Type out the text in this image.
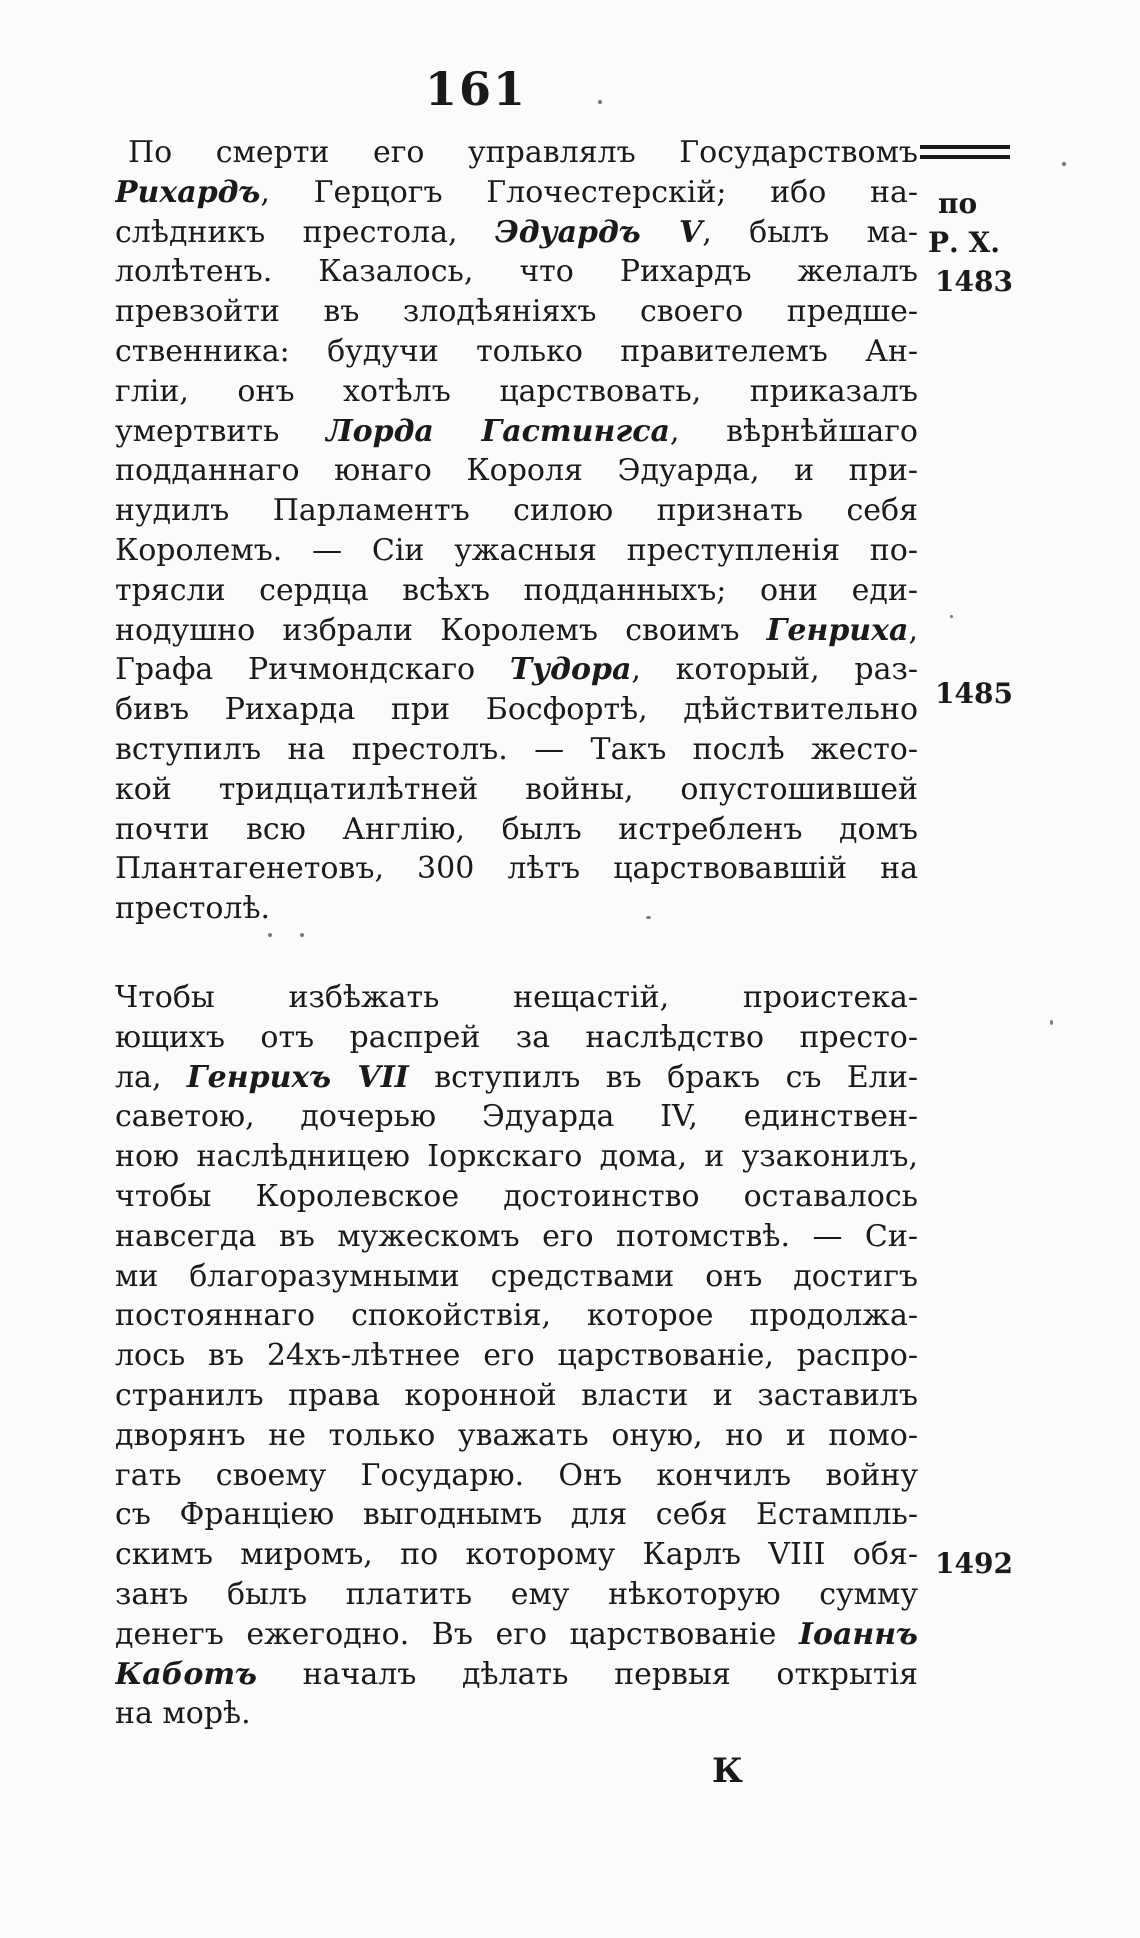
161
по
Р. Х.
1483
1485
1492
По смерти его управлялъ Государствомъ
Рихардъ, Герцогъ Глочестерскій; ибо на-
слѣдникъ престола, Эдуардъ V, былъ ма-
лолѣтенъ. Казалось, что Рихардъ желалъ
превзойти въ злодѣяніяхъ своего предше-
ственника: будучи только правителемъ Ан-
гліи, онъ хотѣлъ царствовать, приказалъ
умертвить Лорда Гастингса, вѣрнѣйшаго
подданнаго юнаго Короля Эдуарда, и при-
нудилъ Парламентъ силою признать себя
Королемъ. — Сіи ужасныя преступленія по-
трясли сердца всѣхъ подданныхъ; они еди-
нодушно избрали Королемъ своимъ Генриха,
Графа Ричмондскаго Тудора, который, раз-
бивъ Рихарда при Босфортѣ, дѣйствительно
вступилъ на престолъ. — Такъ послѣ жесто-
кой тридцатилѣтней войны, опустошившей
почти всю Англію, былъ истребленъ домъ
Плантагенетовъ, 300 лѣтъ царствовавшій на
престолѣ.
Чтобы избѣжать нещастій, проистека-
ющихъ отъ распрей за наслѣдство престо-
ла, Генрихъ VII вступилъ въ бракъ съ Ели-
саветою, дочерью Эдуарда IV, единствен-
ною наслѣдницею Іоркскаго дома, и узаконилъ,
чтобы Королевское достоинство оставалось
навсегда въ мужескомъ его потомствѣ. — Си-
ми благоразумными средствами онъ достигъ
постояннаго спокойствія, которое продолжа-
лось въ 24хъ-лѣтнее его царствованіе, распро-
странилъ права коронной власти и заставилъ
дворянъ не только уважать оную, но и помо-
гать своему Государю. Онъ кончилъ войну
съ Франціею выгоднымъ для себя Естампль-
скимъ миромъ, по которому Карлъ VIII обя-
занъ былъ платить ему нѣкоторую сумму
денегъ ежегодно. Въ его царствованіе Іоаннъ
Каботъ началъ дѣлать первыя открытія
на морѣ.
К
